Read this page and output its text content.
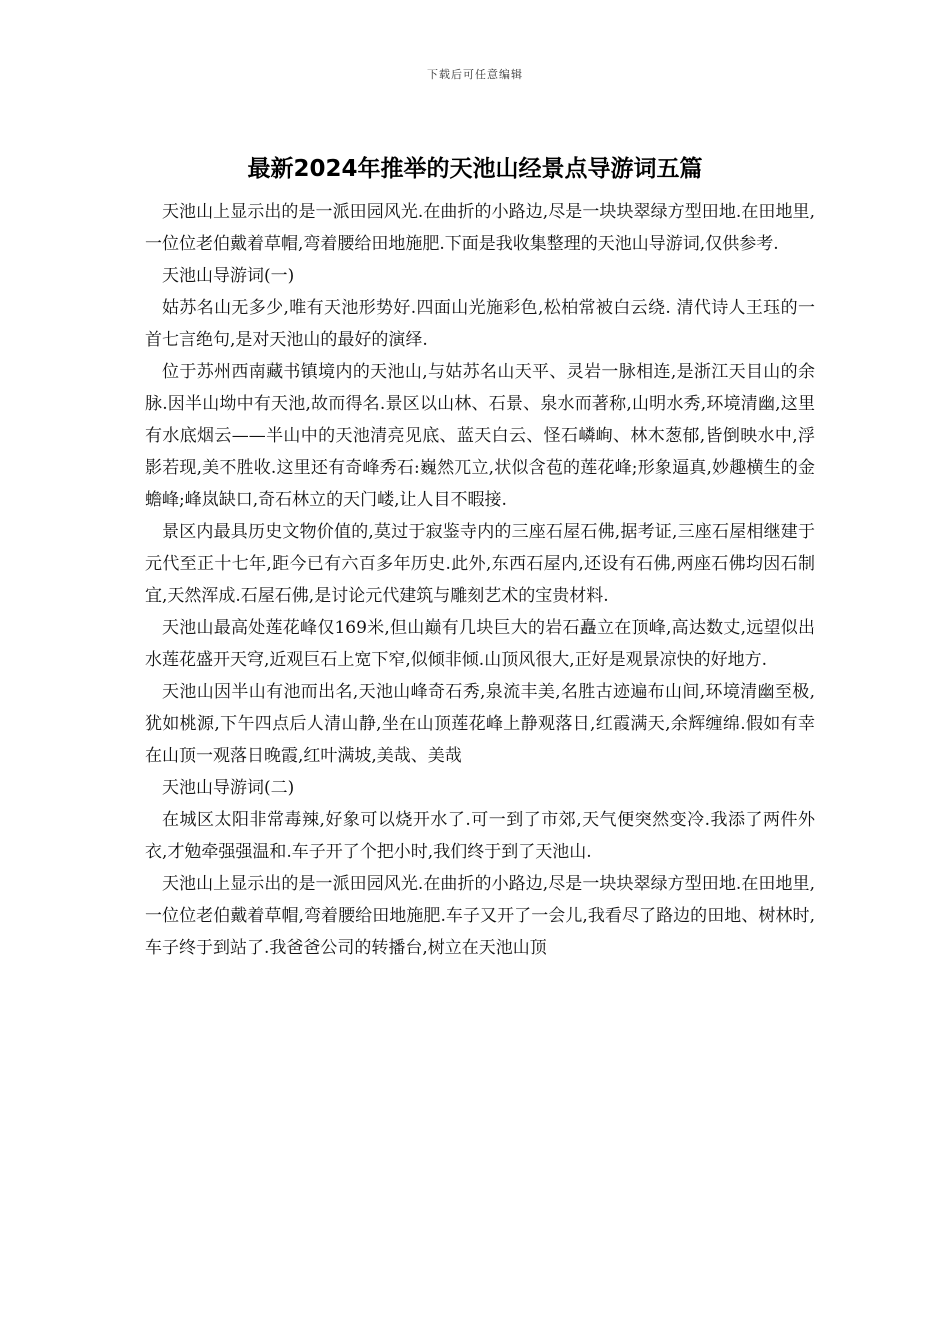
下载后可任意编辑
最新2024年推举的天池山经景点导游词五篇

天池山上显示出的是一派田园风光.在曲折的小路边,尽是一块块翠绿方型田地.在田地里,一位位老伯戴着草帽,弯着腰给田地施肥.下面是我收集整理的天池山导游词,仅供参考.

天池山导游词(一)

姑苏名山无多少,唯有天池形势好.四面山光施彩色,松柏常被白云绕. 清代诗人王珏的一首七言绝句,是对天池山的最好的演绎.

位于苏州西南藏书镇境内的天池山,与姑苏名山天平、灵岩一脉相连,是浙江天目山的余脉.因半山坳中有天池,故而得名.景区以山林、石景、泉水而著称,山明水秀,环境清幽,这里有水底烟云——半山中的天池清亮见底、蓝天白云、怪石嶙峋、林木葱郁,皆倒映水中,浮影若现,美不胜收.这里还有奇峰秀石:巍然兀立,状似含苞的莲花峰;形象逼真,妙趣横生的金蟾峰;峰岚缺口,奇石林立的天门嵝,让人目不暇接.

景区内最具历史文物价值的,莫过于寂鉴寺内的三座石屋石佛,据考证,三座石屋相继建于元代至正十七年,距今已有六百多年历史.此外,东西石屋内,还设有石佛,两座石佛均因石制宜,天然浑成.石屋石佛,是讨论元代建筑与雕刻艺术的宝贵材料.

天池山最高处莲花峰仅169米,但山巅有几块巨大的岩石矗立在顶峰,高达数丈,远望似出水莲花盛开天穹,近观巨石上宽下窄,似倾非倾.山顶风很大,正好是观景凉快的好地方.

天池山因半山有池而出名,天池山峰奇石秀,泉流丰美,名胜古迹遍布山间,环境清幽至极,犹如桃源,下午四点后人清山静,坐在山顶莲花峰上静观落日,红霞满天,余辉缠绵.假如有幸在山顶一观落日晚霞,红叶满坡,美哉、美哉

天池山导游词(二)

在城区太阳非常毒辣,好象可以烧开水了.可一到了市郊,天气便突然变冷.我添了两件外衣,才勉牵强强温和.车子开了个把小时,我们终于到了天池山.

天池山上显示出的是一派田园风光.在曲折的小路边,尽是一块块翠绿方型田地.在田地里,一位位老伯戴着草帽,弯着腰给田地施肥.车子又开了一会儿,我看尽了路边的田地、树林时,车子终于到站了.我爸爸公司的转播台,树立在天池山顶
